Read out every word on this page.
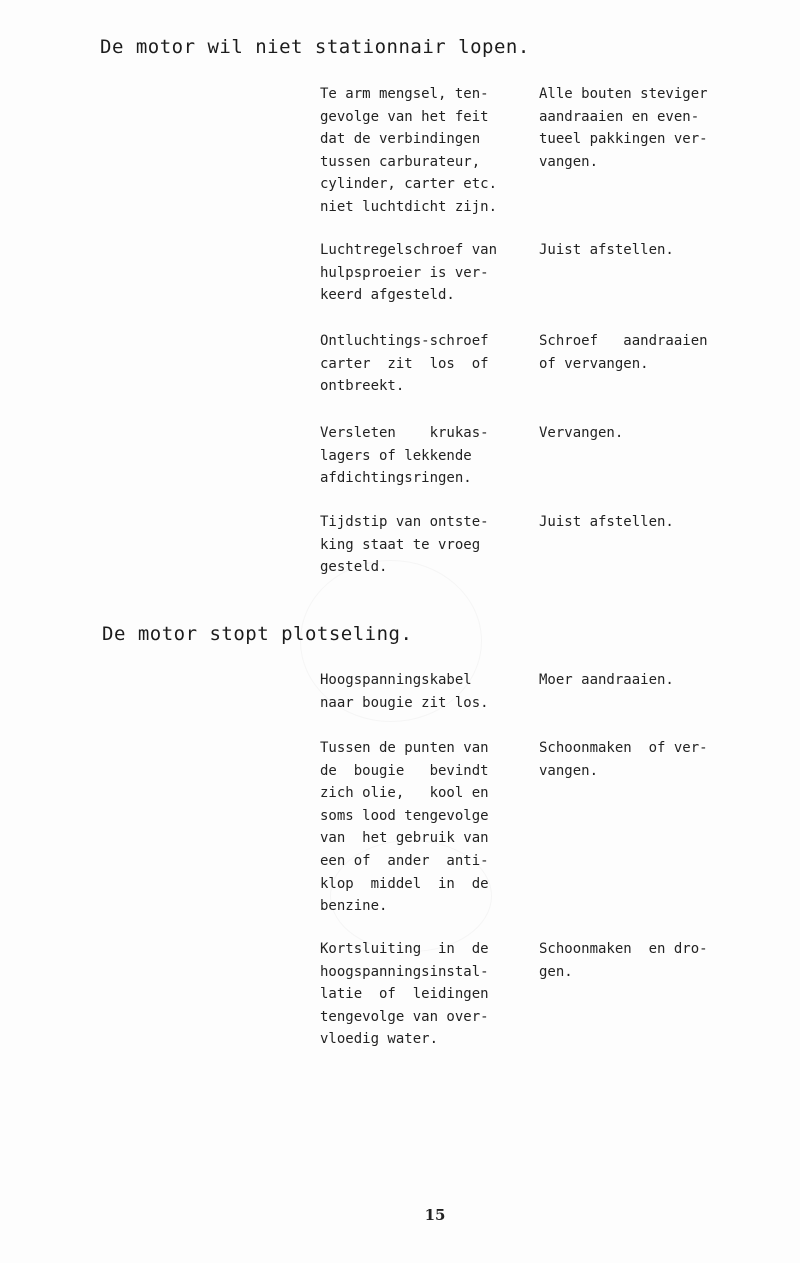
De motor wil niet stationnair lopen.
Te arm mengsel, ten-
gevolge van het feit
dat de verbindingen
tussen carburateur,
cylinder, carter etc.
niet luchtdicht zijn.
Alle bouten steviger
aandraaien en even-
tueel pakkingen ver-
vangen.
Luchtregelschroef van
hulpsproeier is ver-
keerd afgesteld.
Juist afstellen.
Ontluchtings-schroef
carter  zit  los  of
ontbreekt.
Schroef   aandraaien
of vervangen.
Versleten    krukas-
lagers of lekkende
afdichtingsringen.
Vervangen.
Tijdstip van ontste-
king staat te vroeg
gesteld.
Juist afstellen.
De motor stopt plotseling.
Hoogspanningskabel
naar bougie zit los.
Moer aandraaien.
Tussen de punten van
de  bougie   bevindt
zich olie,   kool en
soms lood tengevolge
van  het gebruik van
een of  ander  anti-
klop  middel  in  de
benzine.
Schoonmaken  of ver-
vangen.
Kortsluiting  in  de
hoogspanningsinstal-
latie  of  leidingen
tengevolge van over-
vloedig water.
Schoonmaken  en dro-
gen.
15
